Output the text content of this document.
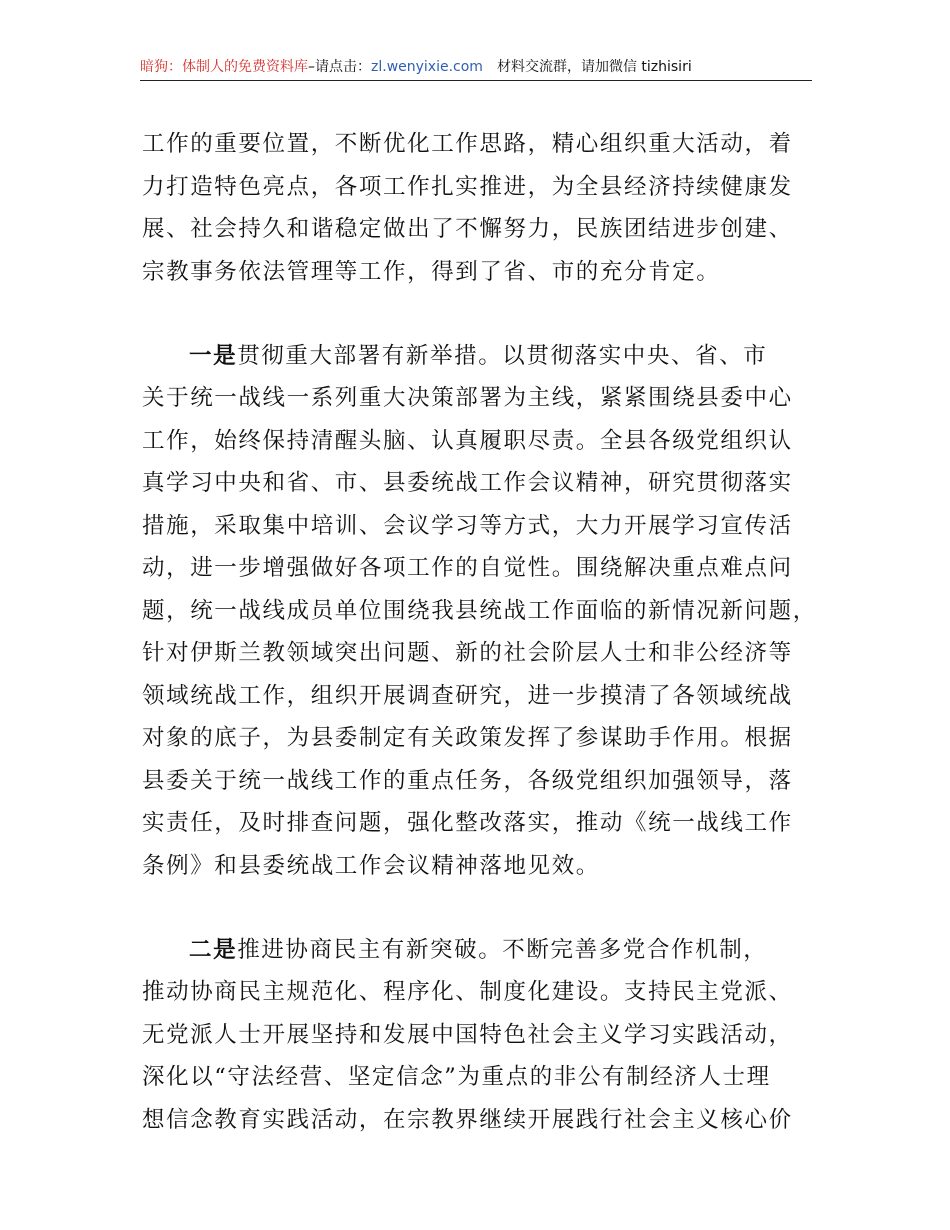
暗狗：体制人的免费资料库–请点击：zl.wenyixie.com 材料交流群，请加微信 tizhisiri
工作的重要位置，不断优化工作思路，精心组织重大活动，着
力打造特色亮点，各项工作扎实推进，为全县经济持续健康发
展、社会持久和谐稳定做出了不懈努力，民族团结进步创建、
宗教事务依法管理等工作，得到了省、市的充分肯定。
一是贯彻重大部署有新举措。以贯彻落实中央、省、市
关于统一战线一系列重大决策部署为主线，紧紧围绕县委中心
工作，始终保持清醒头脑、认真履职尽责。全县各级党组织认
真学习中央和省、市、县委统战工作会议精神，研究贯彻落实
措施，采取集中培训、会议学习等方式，大力开展学习宣传活
动，进一步增强做好各项工作的自觉性。围绕解决重点难点问
题，统一战线成员单位围绕我县统战工作面临的新情况新问题，
针对伊斯兰教领域突出问题、新的社会阶层人士和非公经济等
领域统战工作，组织开展调查研究，进一步摸清了各领域统战
对象的底子，为县委制定有关政策发挥了参谋助手作用。根据
县委关于统一战线工作的重点任务，各级党组织加强领导，落
实责任，及时排查问题，强化整改落实，推动《统一战线工作
条例》和县委统战工作会议精神落地见效。
二是推进协商民主有新突破。不断完善多党合作机制，
推动协商民主规范化、程序化、制度化建设。支持民主党派、
无党派人士开展坚持和发展中国特色社会主义学习实践活动，
深化以“守法经营、坚定信念”为重点的非公有制经济人士理
想信念教育实践活动，在宗教界继续开展践行社会主义核心价
